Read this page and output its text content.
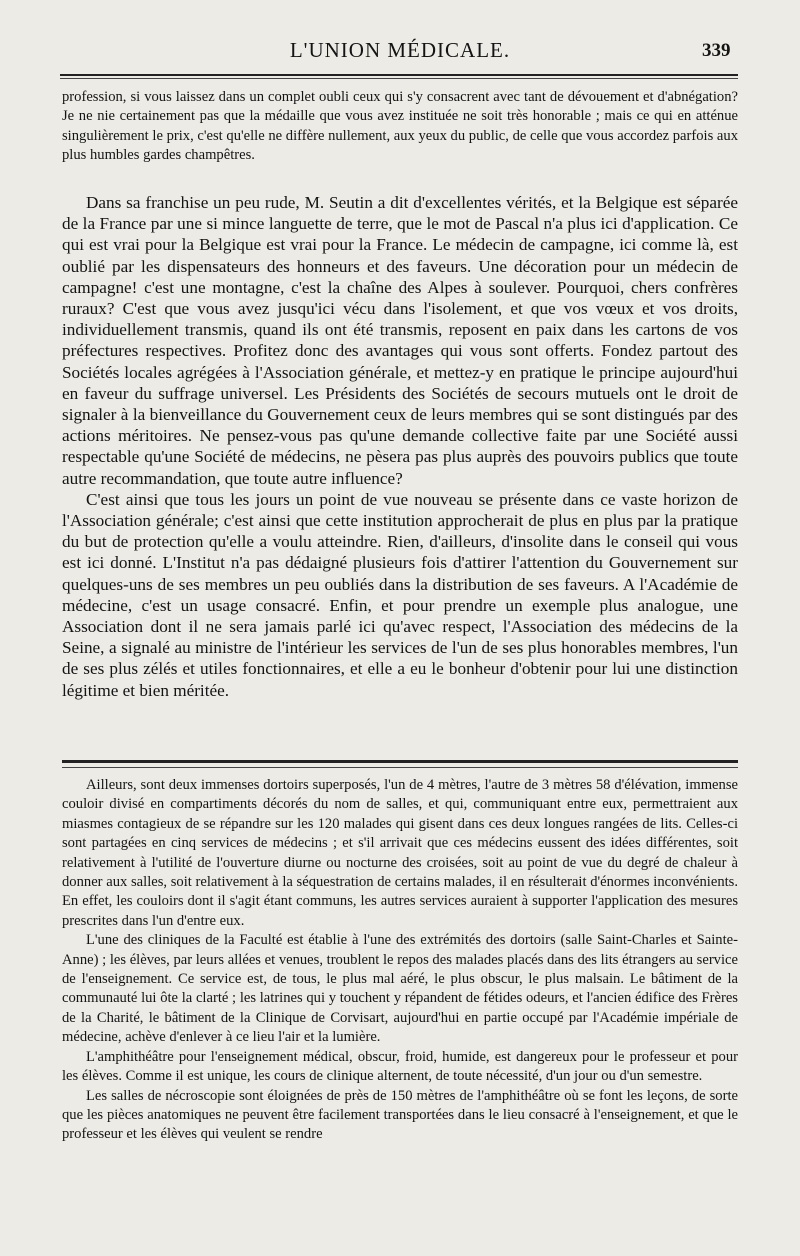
L'UNION MÉDICALE.	339

profession, si vous laissez dans un complet oubli ceux qui s'y consacrent avec tant de dévouement et d'abnégation? Je ne nie certainement pas que la médaille que vous avez instituée ne soit très honorable ; mais ce qui en atténue singulièrement le prix, c'est qu'elle ne diffère nullement, aux yeux du public, de celle que vous accordez parfois aux plus humbles gardes champêtres.

Dans sa franchise un peu rude, M. Seutin a dit d'excellentes vérités, et la Belgique est séparée de la France par une si mince languette de terre, que le mot de Pascal n'a plus ici d'application. Ce qui est vrai pour la Belgique est vrai pour la France. Le médecin de campagne, ici comme là, est oublié par les dispensateurs des honneurs et des faveurs. Une décoration pour un médecin de campagne! c'est une montagne, c'est la chaîne des Alpes à soulever. Pourquoi, chers confrères ruraux? C'est que vous avez jusqu'ici vécu dans l'isolement, et que vos vœux et vos droits, individuellement transmis, quand ils ont été transmis, reposent en paix dans les cartons de vos préfectures respectives. Profitez donc des avantages qui vous sont offerts. Fondez partout des Sociétés locales agrégées à l'Association générale, et mettez-y en pratique le principe aujourd'hui en faveur du suffrage universel. Les Présidents des Sociétés de secours mutuels ont le droit de signaler à la bienveillance du Gouvernement ceux de leurs membres qui se sont distingués par des actions méritoires. Ne pensez-vous pas qu'une demande collective faite par une Société aussi respectable qu'une Société de médecins, ne pèsera pas plus auprès des pouvoirs publics que toute autre recommandation, que toute autre influence?

C'est ainsi que tous les jours un point de vue nouveau se présente dans ce vaste horizon de l'Association générale; c'est ainsi que cette institution approcherait de plus en plus par la pratique du but de protection qu'elle a voulu atteindre. Rien, d'ailleurs, d'insolite dans le conseil qui vous est ici donné. L'Institut n'a pas dédaigné plusieurs fois d'attirer l'attention du Gouvernement sur quelques-uns de ses membres un peu oubliés dans la distribution de ses faveurs. A l'Académie de médecine, c'est un usage consacré. Enfin, et pour prendre un exemple plus analogue, une Association dont il ne sera jamais parlé ici qu'avec respect, l'Association des médecins de la Seine, a signalé au ministre de l'intérieur les services de l'un de ses plus honorables membres, l'un de ses plus zélés et utiles fonctionnaires, et elle a eu le bonheur d'obtenir pour lui une distinction légitime et bien méritée.

Ailleurs, sont deux immenses dortoirs superposés, l'un de 4 mètres, l'autre de 3 mètres 58 d'élévation, immense couloir divisé en compartiments décorés du nom de salles, et qui, communiquant entre eux, permettraient aux miasmes contagieux de se répandre sur les 120 malades qui gisent dans ces deux longues rangées de lits. Celles-ci sont partagées en cinq services de médecins ; et s'il arrivait que ces médecins eussent des idées différentes, soit relativement à l'utilité de l'ouverture diurne ou nocturne des croisées, soit au point de vue du degré de chaleur à donner aux salles, soit relativement à la séquestration de certains malades, il en résulterait d'énormes inconvénients. En effet, les couloirs dont il s'agit étant communs, les autres services auraient à supporter l'application des mesures prescrites dans l'un d'entre eux.

L'une des cliniques de la Faculté est établie à l'une des extrémités des dortoirs (salle Saint-Charles et Sainte-Anne) ; les élèves, par leurs allées et venues, troublent le repos des malades placés dans des lits étrangers au service de l'enseignement. Ce service est, de tous, le plus mal aéré, le plus obscur, le plus malsain. Le bâtiment de la communauté lui ôte la clarté ; les latrines qui y touchent y répandent de fétides odeurs, et l'ancien édifice des Frères de la Charité, le bâtiment de la Clinique de Corvisart, aujourd'hui en partie occupé par l'Académie impériale de médecine, achève d'enlever à ce lieu l'air et la lumière.

L'amphithéâtre pour l'enseignement médical, obscur, froid, humide, est dangereux pour le professeur et pour les élèves. Comme il est unique, les cours de clinique alternent, de toute nécessité, d'un jour ou d'un semestre.

Les salles de nécroscopie sont éloignées de près de 150 mètres de l'amphithéâtre où se font les leçons, de sorte que les pièces anatomiques ne peuvent être facilement transportées dans le lieu consacré à l'enseignement, et que le professeur et les élèves qui veulent se rendre
